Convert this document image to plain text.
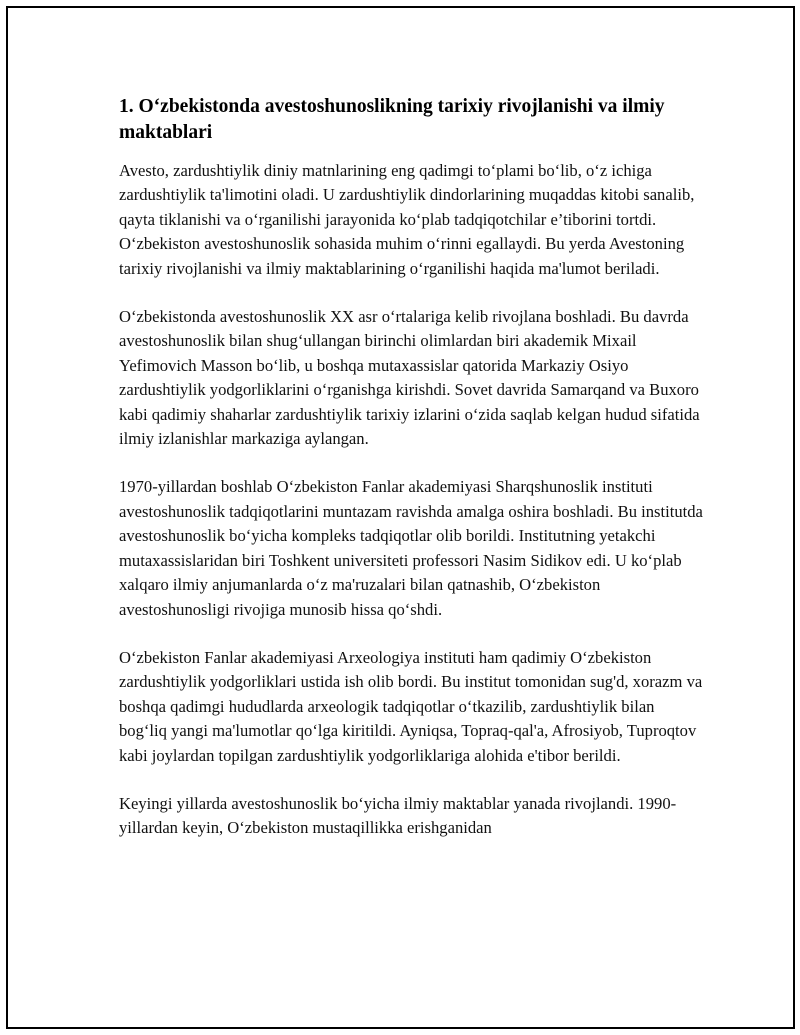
1. O‘zbekistonda avestoshunoslikning tarixiy rivojlanishi va ilmiy maktablari

Avesto, zardushtiylik diniy matnlarining eng qadimgi to‘plami bo‘lib, o‘z ichiga zardushtiylik ta'limotini oladi. U zardushtiylik dindorlarining muqaddas kitobi sanalib, qayta tiklanishi va o‘rganilishi jarayonida ko‘plab tadqiqotchilar e’tiborini tortdi. O‘zbekiston avestoshunoslik sohasida muhim o‘rinni egallaydi. Bu yerda Avestoning tarixiy rivojlanishi va ilmiy maktablarining o‘rganilishi haqida ma'lumot beriladi.

O‘zbekistonda avestoshunoslik XX asr o‘rtalariga kelib rivojlana boshladi. Bu davrda avestoshunoslik bilan shug‘ullangan birinchi olimlardan biri akademik Mixail Yefimovich Masson bo‘lib, u boshqa mutaxassislar qatorida Markaziy Osiyo zardushtiylik yodgorliklarini o‘rganishga kirishdi. Sovet davrida Samarqand va Buxoro kabi qadimiy shaharlar zardushtiylik tarixiy izlarini o‘zida saqlab kelgan hudud sifatida ilmiy izlanishlar markaziga aylangan.

1970-yillardan boshlab O‘zbekiston Fanlar akademiyasi Sharqshunoslik instituti avestoshunoslik tadqiqotlarini muntazam ravishda amalga oshira boshladi. Bu institutda avestoshunoslik bo‘yicha kompleks tadqiqotlar olib borildi. Institutning yetakchi mutaxassislaridan biri Toshkent universiteti professori Nasim Sidikov edi. U ko‘plab xalqaro ilmiy anjumanlarda o‘z ma'ruzalari bilan qatnashib, O‘zbekiston avestoshunosligi rivojiga munosib hissa qo‘shdi.

O‘zbekiston Fanlar akademiyasi Arxeologiya instituti ham qadimiy O‘zbekiston zardushtiylik yodgorliklari ustida ish olib bordi. Bu institut tomonidan sug'd, xorazm va boshqa qadimgi hududlarda arxeologik tadqiqotlar o‘tkazilib, zardushtiylik bilan bog‘liq yangi ma'lumotlar qo‘lga kiritildi. Ayniqsa, Topraq-qal'a, Afrosiyob, Tuproqtov kabi joylardan topilgan zardushtiylik yodgorliklariga alohida e'tibor berildi.

Keyingi yillarda avestoshunoslik bo‘yicha ilmiy maktablar yanada rivojlandi. 1990-yillardan keyin, O‘zbekiston mustaqillikka erishganidan
